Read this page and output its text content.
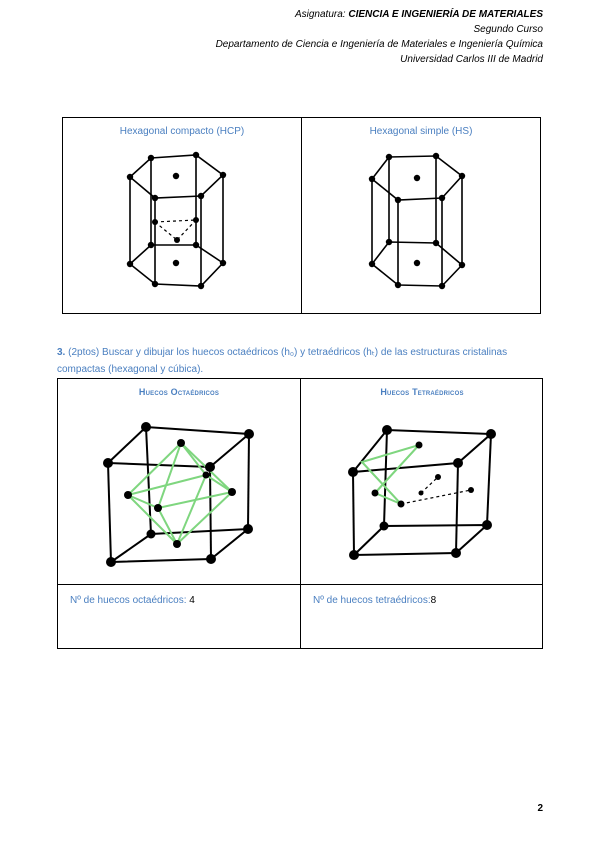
Asignatura: CIENCIA E INGENIERÍA DE MATERIALES
Segundo Curso
Departamento de Ciencia e Ingeniería de Materiales e Ingeniería Química
Universidad Carlos III de Madrid
Hexagonal compacto (HCP)	Hexagonal simple (HS)
3. (2ptos) Buscar y dibujar los huecos octaédricos (h₀) y tetraédricos (hₜ) de las estructuras cristalinas compactas (hexagonal y cúbica).
Huecos Octaédricos	Huecos Tetraédricos
Nº de huecos octaédricos: 4	Nº de huecos tetraédricos:8
2
